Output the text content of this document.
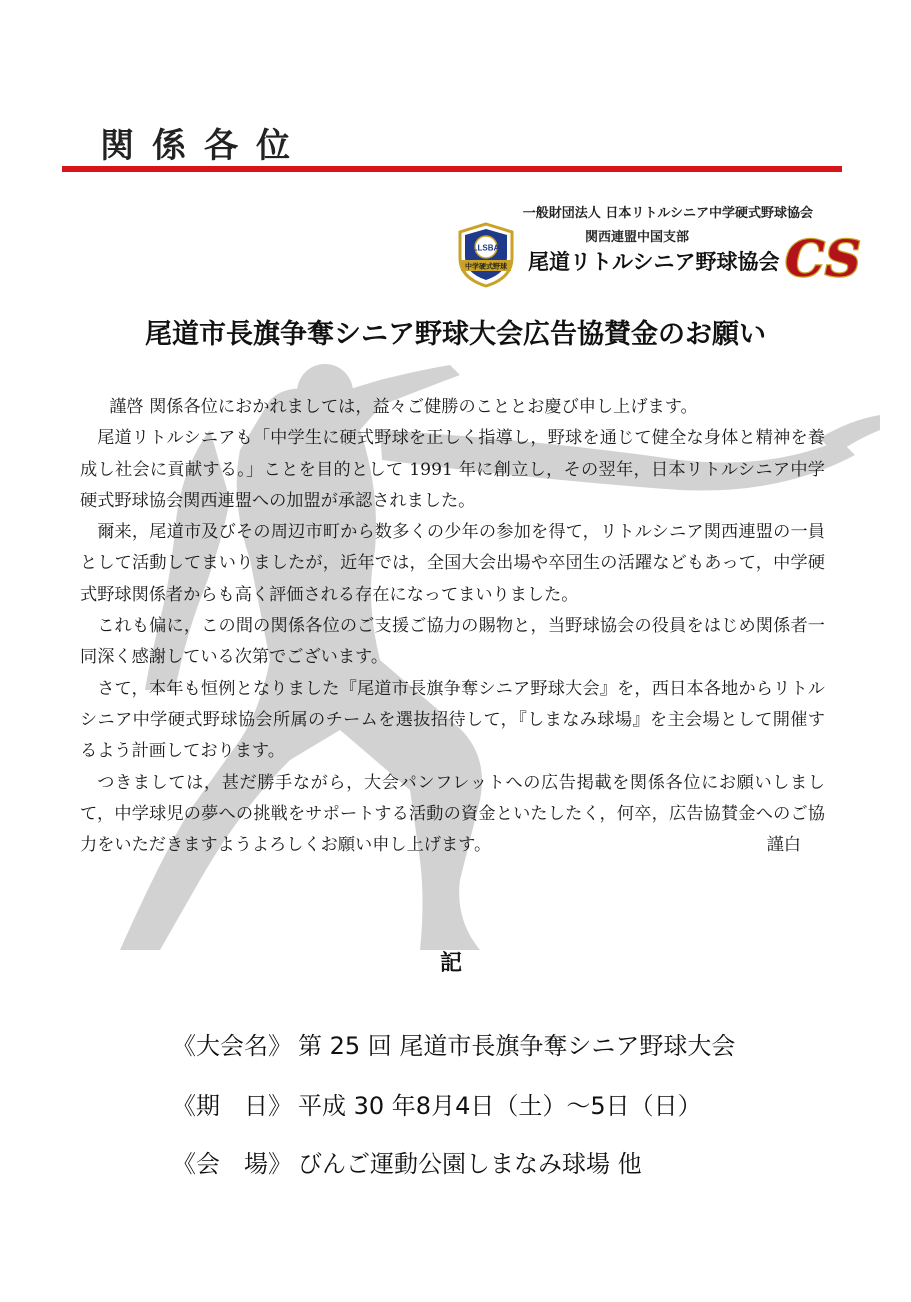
関係各位
一般財団法人 日本リトルシニア中学硬式野球協会
LLSBA
中学硬式野球
関西連盟中国支部
尾道リトルシニア野球協会 CS
尾道市長旗争奪シニア野球大会広告協賛金のお願い

謹啓 関係各位におかれましては，益々ご健勝のこととお慶び申し上げます。

尾道リトルシニアも「中学生に硬式野球を正しく指導し，野球を通じて健全な身体と精神を養成し社会に貢献する。」ことを目的として 1991 年に創立し，その翌年，日本リトルシニア中学硬式野球協会関西連盟への加盟が承認されました。

爾来，尾道市及びその周辺市町から数多くの少年の参加を得て，リトルシニア関西連盟の一員として活動してまいりましたが，近年では，全国大会出場や卒団生の活躍などもあって，中学硬式野球関係者からも高く評価される存在になってまいりました。

これも偏に，この間の関係各位のご支援ご協力の賜物と，当野球協会の役員をはじめ関係者一同深く感謝している次第でございます。

さて，本年も恒例となりました『尾道市長旗争奪シニア野球大会』を，西日本各地からリトルシニア中学硬式野球協会所属のチームを選抜招待して，『しまなみ球場』を主会場として開催するよう計画しております。

つきましては，甚だ勝手ながら，大会パンフレットへの広告掲載を関係各位にお願いしまして，中学球児の夢への挑戦をサポートする活動の資金といたしたく，何卒，広告協賛金へのご協力をいただきますようよろしくお願い申し上げます。	謹白

記
《大会名》 第 25 回 尾道市長旗争奪シニア野球大会
《期　日》 平成 30 年8月4日（土）～5日（日）
《会　場》 びんご運動公園しまなみ球場 他
